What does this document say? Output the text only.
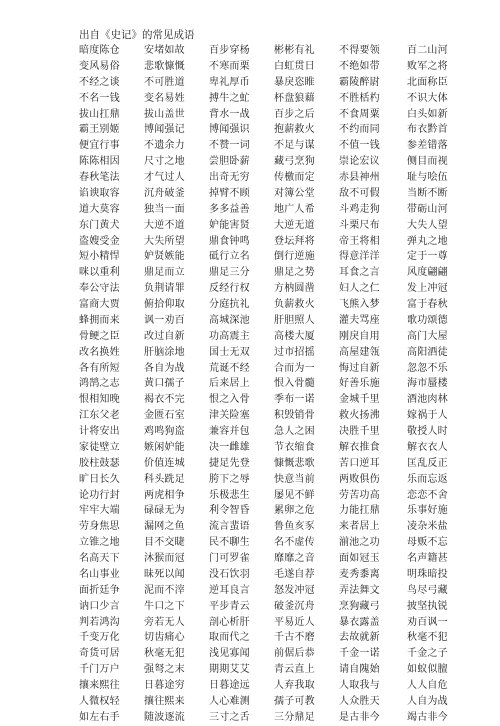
出自《史记》的常见成语
暗度陈仓	安堵如故	百步穿杨	彬彬有礼	不得要领	百二山河
变风易俗	悲歌慷慨	不寒而栗	白虹贯日	不绝如带	败军之将
不经之谈	不可胜道	卑礼厚币	暴戾恣睢	霸陵醉尉	北面称臣
不名一钱	变名易姓	搏牛之虻	杯盘狼藉	不胜栝杓	不识大体
拔山扛鼎	拔山盖世	背水一战	百步之后	不食周粟	白头如新
霸王别姬	博闻强记	博闻强识	抱薪救火	不约而同	布衣黔首
便宜行事	不遗余力	不赞一词	不足与谋	不值一钱	参差错落
陈陈相因	尺寸之地	尝胆卧薪	藏弓烹狗	崇论宏议	侧目而视
春秋笔法	才气过人	出奇无穷	传檄而定	赤县神州	耻与哙伍
谄谀取容	沉舟破釜	掉臂不顾	对簿公堂	敌不可假	当断不断
道大莫容	独当一面	多多益善	地广人希	斗鸡走狗	带砺山河
东门黄犬	大逆不道	妒能害贤	大逆无道	斗栗尺布	大失人望
盗嫂受金	大失所望	鼎食钟鸣	登坛拜将	帝王将相	弹丸之地
短小精悍	妒贤嫉能	砥行立名	倒行逆施	得意洋洋	定于一尊
咪以重利	鼎足而立	鼎足三分	鼎足之势	耳食之言	风度翩翩
奉公守法	负荆请罪	反经行权	方枘圆凿	妇人之仁	发上冲冠
富商大贾	俯拾仰取	分庭抗礼	负薪救火	飞熊入梦	富于春秋
蜂拥而来	讽一劝百	高城深池	肝胆照人	灌夫骂座	歌功颂德
骨鲠之臣	改过自新	功高震主	高楼大厦	刚戾自用	高门大屋
改名换姓	肝脑涂地	国士无双	过市招摇	高屋建瓴	高阳酒徒
各有所短	各自为战	荒诞不经	合而为一	悔过自新	忽忽不乐
鸿鹄之志	黄口孺子	后来居上	恨入骨髓	好善乐施	海市蜃楼
恨相知晚	褐衣不完	恨之入骨	季布一诺	金城千里	酒池肉林
江东父老	金匮石室	津关险塞	积毁销骨	救火扬沸	嫁祸于人
计将安出	鸡鸣狗盗	兼容并包	急人之困	决胜千里	敬授人时
家徒壁立	嫉闲妒能	决一雌雄	节衣缩食	解衣推食	解衣衣人
胶柱鼓瑟	价值连城	捷足先登	慷慨悲歌	苦口逆耳	匡乱反正
旷日长久	科头跣足	胯下之辱	快意当前	两败俱伤	乐而忘返
论功行封	两虎相争	乐极悲生	屡见不鲜	劳苦功高	恋恋不舍
牢牢大端	碌碌无为	利令智昏	累卵之危	力能扛鼎	乐事好施
劳身焦思	漏网之鱼	流言蜚语	鲁鱼亥豕	来者居上	凌杂米盐
立锥之地	目不交睫	民不聊生	名不虚传	湔池之功	母贩不忘
名高天下	沐猴而冠	门可罗雀	靡靡之音	面如冠玉	名声籍甚
名山事业	昧死以闻	没石饮羽	毛遂自荐	麦秀黍离	明珠暗投
面折廷争	泥而不滓	逆耳良言	怒发冲冠	弄法舞文	鸟尽弓藏
讷口少言	牛口之下	平步青云	破釜沉舟	烹狗藏弓	披坚执锐
判若鸿沟	旁若无人	剖心析肝	平易近人	暴衣露盖	劝百讽一
千变万化	切齿痛心	取而代之	千古不磨	去故就新	秋毫不犯
奇货可居	秋毫无犯	浅见寡闻	前倨后恭	千金一诺	千金之子
千门万户	强弩之末	期期艾艾	青云直上	请自隗始	如蚁似膻
攘来熙往	日暮途穷	日暮途远	人弃我取	人取我与	人人自危
人微权轻	攘往熙来	人心难测	孺子可教	人众胜天	人自为战
如左右手	随波逐流	三寸之舌	三分鼎足	是古非今	竭古非今
